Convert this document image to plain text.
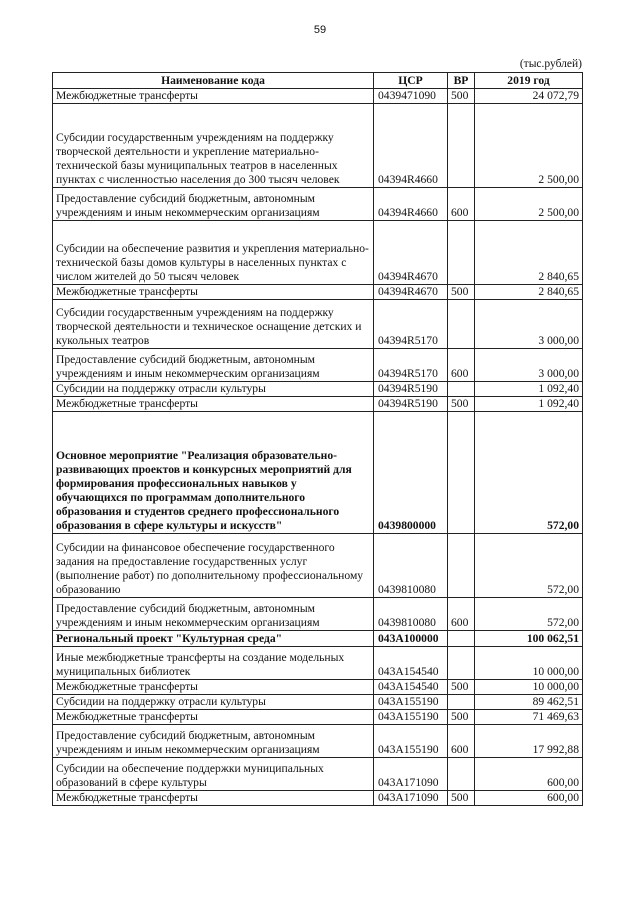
59
(тыс.рублей)
Наименование кода	ЦСР	ВР	2019 год
Межбюджетные трансферты	0439471090	500	24 072,79
Субсидии государственным учреждениям на поддержку творческой деятельности и укрепление материально-технической базы муниципальных театров в населенных пунктах с численностью населения до 300 тысяч человек	04394R4660		2 500,00
Предоставление субсидий бюджетным, автономным учреждениям и иным некоммерческим организациям	04394R4660	600	2 500,00
Субсидии на обеспечение развития и укрепления материально-технической базы домов культуры в населенных пунктах с числом жителей до 50 тысяч человек	04394R4670		2 840,65
Межбюджетные трансферты	04394R4670	500	2 840,65
Субсидии государственным учреждениям на поддержку творческой деятельности и техническое оснащение детских и кукольных театров	04394R5170		3 000,00
Предоставление субсидий бюджетным, автономным учреждениям и иным некоммерческим организациям	04394R5170	600	3 000,00
Субсидии на поддержку отрасли культуры	04394R5190		1 092,40
Межбюджетные трансферты	04394R5190	500	1 092,40
Основное мероприятие "Реализация образовательно-развивающих проектов и конкурсных мероприятий для формирования профессиональных навыков у обучающихся по программам дополнительного образования и студентов среднего профессионального образования в сфере культуры и искусств"	0439800000		572,00
Субсидии на финансовое обеспечение государственного задания на предоставление государственных услуг (выполнение работ) по дополнительному профессиональному образованию	0439810080		572,00
Предоставление субсидий бюджетным, автономным учреждениям и иным некоммерческим организациям	0439810080	600	572,00
Региональный проект "Культурная среда"	043A100000		100 062,51
Иные межбюджетные трансферты на создание модельных муниципальных библиотек	043A154540		10 000,00
Межбюджетные трансферты	043A154540	500	10 000,00
Субсидии на поддержку отрасли культуры	043A155190		89 462,51
Межбюджетные трансферты	043A155190	500	71 469,63
Предоставление субсидий бюджетным, автономным учреждениям и иным некоммерческим организациям	043A155190	600	17 992,88
Субсидии на обеспечение поддержки муниципальных образований в сфере культуры	043A171090		600,00
Межбюджетные трансферты	043A171090	500	600,00
